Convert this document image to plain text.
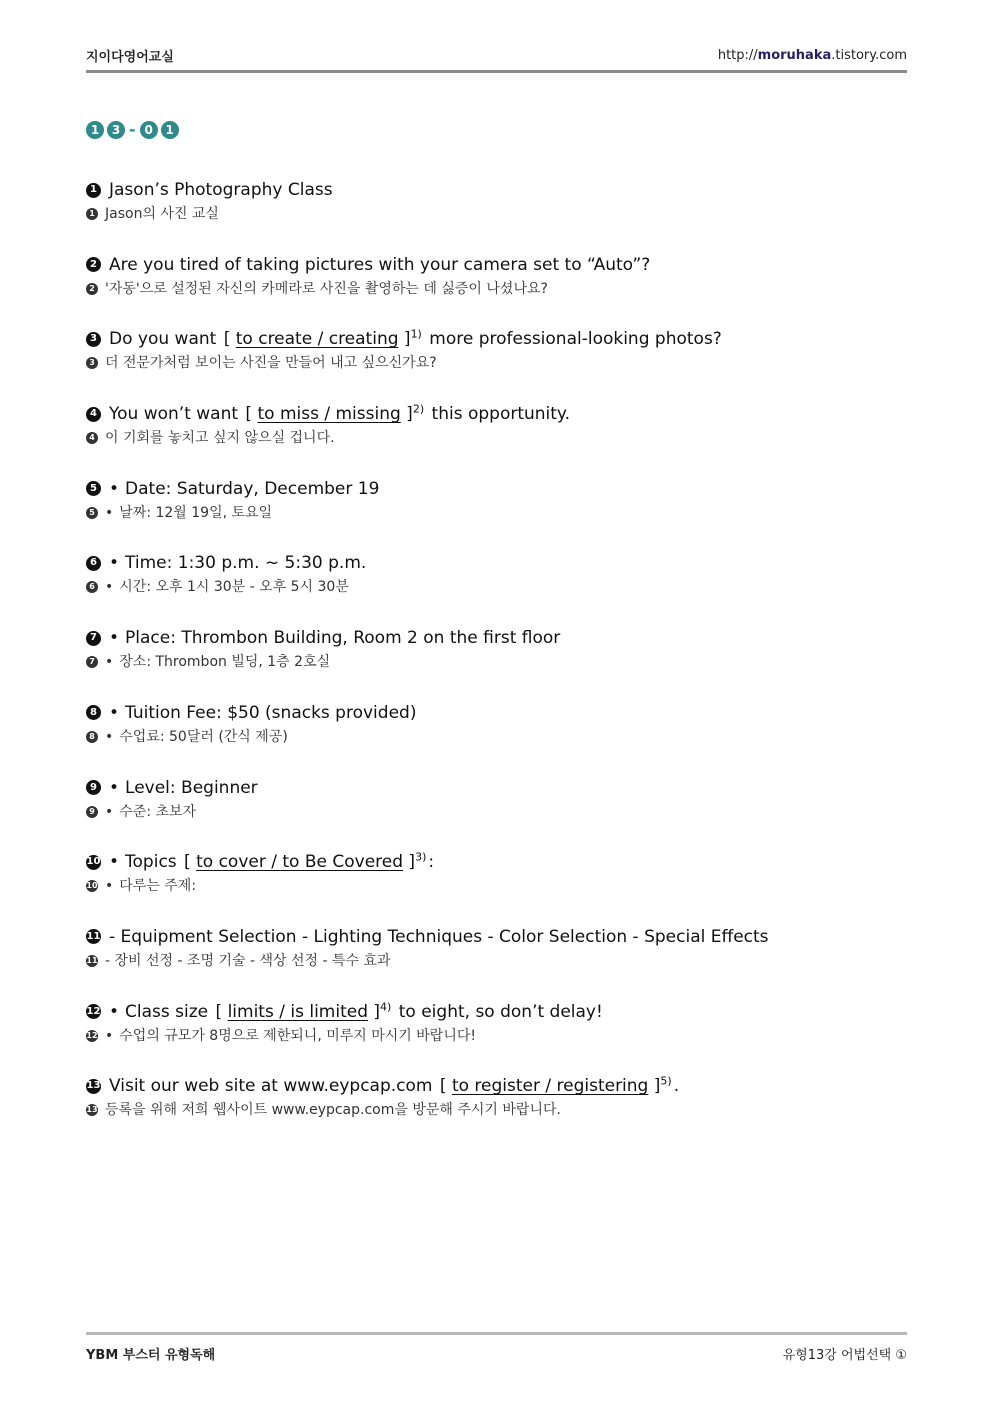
지이다영어교실	http://moruhaka.tistory.com
1	3 - 0	1
1 Jason’s Photography Class
1 Jason의 사진 교실
2 Are you tired of taking pictures with your camera set to “Auto”?
2 '자동'으로 설정된 자신의 카메라로 사진을 촬영하는 데 싫증이 나셨나요?
3 Do you want [ to create / creating ]$^{1)}$ more professional-looking photos?
3 더 전문가처럼 보이는 사진을 만들어 내고 싶으신가요?
4 You won’t want [ to miss / missing ]$^{2)}$ this opportunity.
4 이 기회를 놓치고 싶지 않으실 겁니다.
5 • Date: Saturday, December 19
5 • 날짜: 12월 19일, 토요일
6 • Time: 1:30 p.m. ~ 5:30 p.m.
6 • 시간: 오후 1시 30분 - 오후 5시 30분
7 • Place: Thrombon Building, Room 2 on the first floor
7 • 장소: Thrombon 빌딩, 1층 2호실
8 • Tuition Fee: $50 (snacks provided)
8 • 수업료: 50달러 (간식 제공)
9 • Level: Beginner
9 • 수준: 초보자
10 • Topics [ to cover / to Be Covered ]$^{3)}$ :
10 • 다루는 주제:
11 - Equipment Selection - Lighting Techniques - Color Selection - Special Effects
11 - 장비 선정 - 조명 기술 - 색상 선정 - 특수 효과
12 • Class size [ limits / is limited ]$^{4)}$ to eight, so don’t delay!
12 • 수업의 규모가 8명으로 제한되니, 미루지 마시기 바랍니다!
13 Visit our web site at www.eypcap.com [ to register / registering ]$^{5)}$ .
13 등록을 위해 저희 웹사이트 www.eypcap.com을 방문해 주시기 바랍니다.
YBM 부스터 유형독해	유형13강 어법선택 ①
